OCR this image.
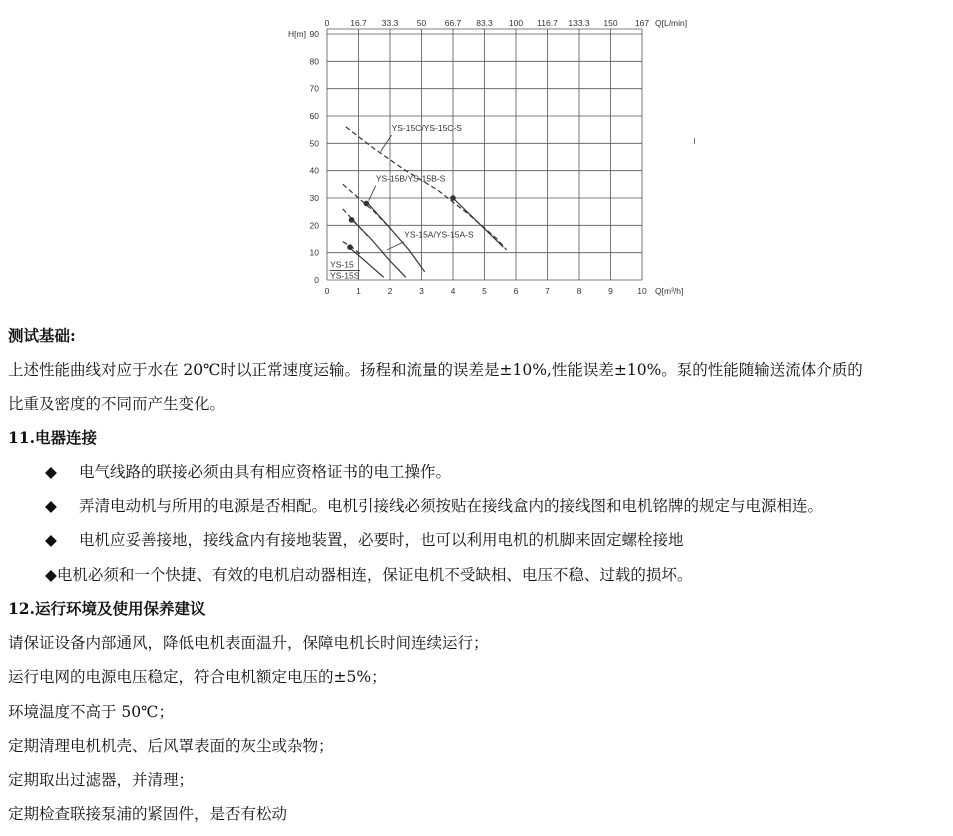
0 16.7 33.3 50 66.7 83.3 100 116.7 133.3 150 167 Q[L/min]
0	1	2	3	4	5	6	7	8	9	10 Q[m³/h]
0
10
20
30
40
50
60
70
80
90
H[m]
YS-15C/YS-15C-S
YS-15B/YS-15B-S
YS-15A/YS-15A-S
YS-15
YS-15S
测试基础:
上述性能曲线对应于水在 20℃时以正常速度运输。扬程和流量的误差是±10%,性能误差±10%。泵的性能随输送流体介质的
比重及密度的不同而产生变化。
11.电器连接
◆ 电气线路的联接必须由具有相应资格证书的电工操作。
◆ 弄清电动机与所用的电源是否相配。电机引接线必须按贴在接线盒内的接线图和电机铭牌的规定与电源相连。
◆ 电机应妥善接地，接线盒内有接地装置，必要时，也可以利用电机的机脚来固定螺栓接地
◆电机必须和一个快捷、有效的电机启动器相连，保证电机不受缺相、电压不稳、过载的损坏。
12.运行环境及使用保养建议
请保证设备内部通风，降低电机表面温升，保障电机长时间连续运行；
运行电网的电源电压稳定，符合电机额定电压的±5%；
环境温度不高于 50℃；
定期清理电机机壳、后风罩表面的灰尘或杂物；
定期取出过滤器，并清理；
定期检查联接泵浦的紧固件，是否有松动
